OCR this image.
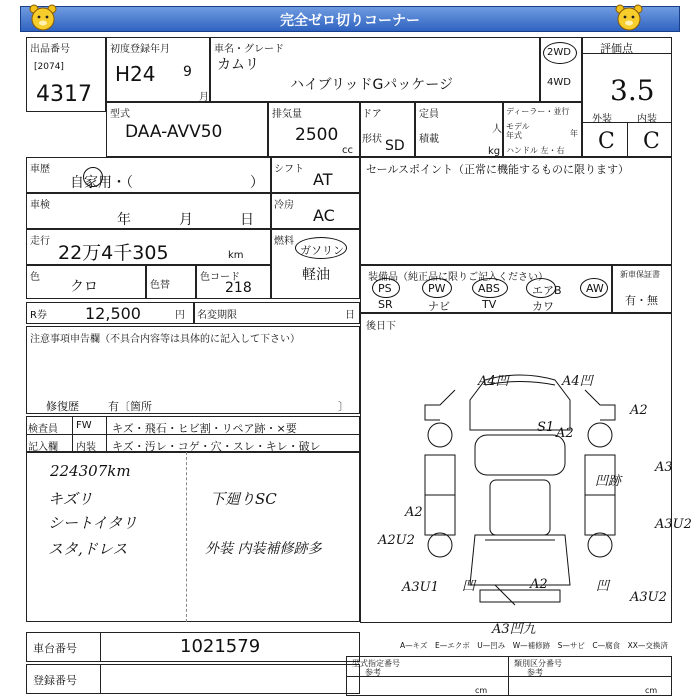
完全ゼロ切りコーナー
出品番号
[2074]
4317
初度登録年月
H24 9
月
車名・グレード
カムリ
ハイブリッドGパッケージ
2WD
4WD
評価点
3.5
外装	内装
C C
型式
DAA-AVV50
排気量
2500
cc
ドア
形状 SD
定員
人
積載
kg
ディーラー・並行
モデル年式	年
ハンドル 左・右
車歴
自家用・（	）
シフト
AT
車検
年	月	日
冷房
AC
走行
22万4千305	km
燃料
ガソリン
軽油
色
クロ	色替
色コード
218
R券 12,500	円 名変期限	日
注意事項申告欄（不具合内容等は具体的に記入して下さい）
修復歴	有〔箇所	〕
セールスポイント（正常に機能するものに限ります）
装備品（純正品に限りご記入ください）	新車保証書
有・無
PS	PW	ABS	エアB AW
SR	ナビ	TV	カワ
後日下
A4凹	A4凹
A2
S1 A2
A3
凹跡
A3U2
A2
A2U2
A3U1 凹	A2	凹
A3U2
A3凹九
検査員
記入欄
FW
内装
キズ・飛石・ヒビ割・リペア跡・×要
キズ・汚レ・コゲ・穴・スレ・キレ・破レ
224307km
キズリ
シートイタリ
スタ,ドレス
下廻りSC
外装 内装補修跡多
車台番号	1021579
登録番号
A—キズ　E—エクボ　U—凹み　W—補修跡　S—サビ　C—腐食　XX—交換済
型式指定番号	類別区分番号
参考	参考
cm	cm
